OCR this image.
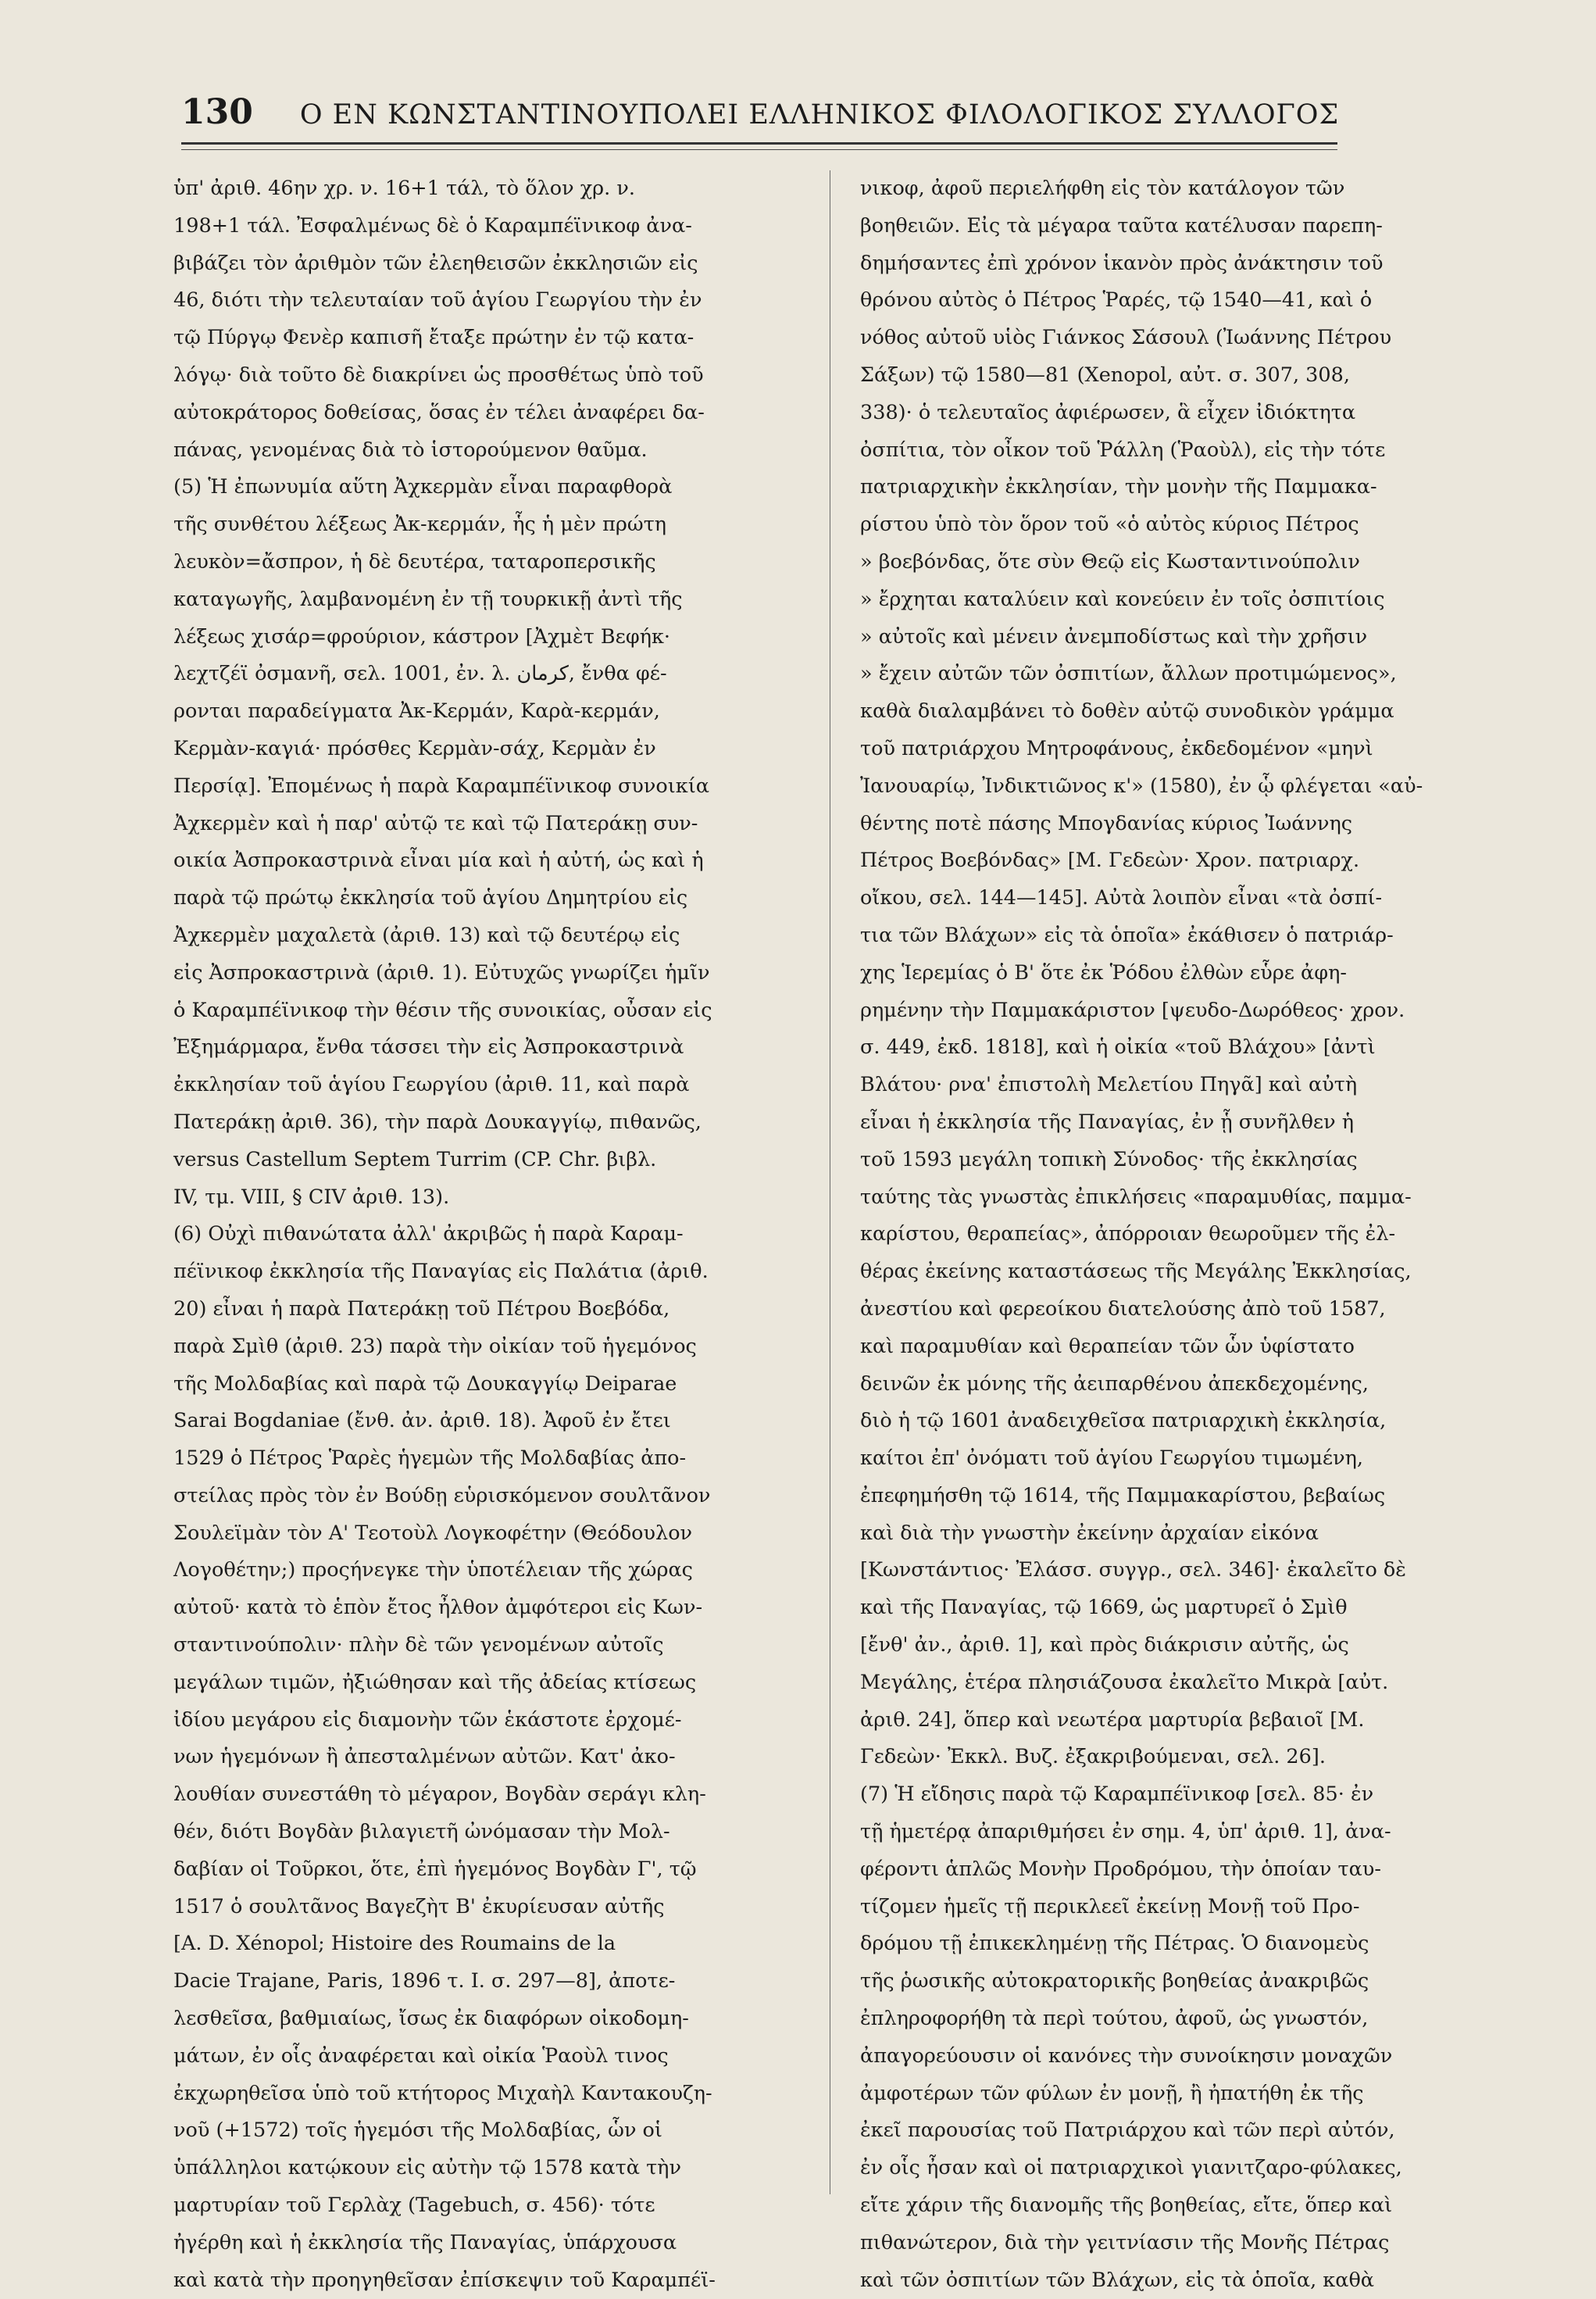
130 Ο ΕΝ ΚΩΝΣΤΑΝΤΙΝΟΥΠΟΛΕΙ ΕΛΛΗΝΙΚΟΣ ΦΙΛΟΛΟΓΙΚΟΣ ΣΥΛΛΟΓΟΣ
ὑπ' ἀριθ. 46ην χρ. ν. 16+1 τάλ, τὸ ὅλον χρ. ν.
198+1 τάλ. Ἐσφαλμένως δὲ ὁ Καραμπέϊνικοφ ἀνα-
βιβάζει τὸν ἀριθμὸν τῶν ἐλεηθεισῶν ἐκκλησιῶν εἰς
46, διότι τὴν τελευταίαν τοῦ ἁγίου Γεωργίου τὴν ἐν
τῷ Πύργῳ Φενὲρ καπισῆ ἔταξε πρώτην ἐν τῷ κατα-
λόγῳ· διὰ τοῦτο δὲ διακρίνει ὡς προσθέτως ὑπὸ τοῦ
αὐτοκράτορος δοθείσας, ὅσας ἐν τέλει ἀναφέρει δα-
πάνας, γενομένας διὰ τὸ ἱστορούμενον θαῦμα.
(5) Ἡ ἐπωνυμία αὕτη Ἀχκερμὰν εἶναι παραφθορὰ
τῆς συνθέτου λέξεως Ἀκ-κερμάν, ἧς ἡ μὲν πρώτη
λευκὸν=ἄσπρον, ἡ δὲ δευτέρα, ταταροπερσικῆς
καταγωγῆς, λαμβανομένη ἐν τῇ τουρκικῇ ἀντὶ τῆς
λέξεως χισάρ=φρούριον, κάστρον [Ἀχμὲτ Βεφήκ·
λεχτζέϊ ὀσμανῆ, σελ. 1001, ἐν. λ. كرمان, ἔνθα φέ-
ρονται παραδείγματα Ἀκ-Κερμάν, Καρὰ-κερμάν,
Κερμὰν-καγιά· πρόσθες Κερμὰν-σάχ, Κερμὰν ἐν
Περσίᾳ]. Ἐπομένως ἡ παρὰ Καραμπέϊνικοφ συνοικία
Ἀχκερμὲν καὶ ἡ παρ' αὐτῷ τε καὶ τῷ Πατεράκῃ συν-
οικία Ἀσπροκαστρινὰ εἶναι μία καὶ ἡ αὐτή, ὡς καὶ ἡ
παρὰ τῷ πρώτῳ ἐκκλησία τοῦ ἁγίου Δημητρίου εἰς
Ἀχκερμὲν μαχαλετὰ (ἀριθ. 13) καὶ τῷ δευτέρῳ εἰς
εἰς Ἀσπροκαστρινὰ (ἀριθ. 1). Εὐτυχῶς γνωρίζει ἡμῖν
ὁ Καραμπέϊνικοφ τὴν θέσιν τῆς συνοικίας, οὖσαν εἰς
Ἐξημάρμαρα, ἔνθα τάσσει τὴν εἰς Ἀσπροκαστρινὰ
ἐκκλησίαν τοῦ ἁγίου Γεωργίου (ἀριθ. 11, καὶ παρὰ
Πατεράκῃ ἀριθ. 36), τὴν παρὰ Δουκαγγίῳ, πιθανῶς,
versus Castellum Septem Turrim (CP. Chr. βιβλ.
IV, τμ. VIII, § CIV ἀριθ. 13).
(6) Οὐχὶ πιθανώτατα ἀλλ' ἀκριβῶς ἡ παρὰ Καραμ-
πέϊνικοφ ἐκκλησία τῆς Παναγίας εἰς Παλάτια (ἀριθ.
20) εἶναι ἡ παρὰ Πατεράκῃ τοῦ Πέτρου Βοεβόδα,
παρὰ Σμὶθ (ἀριθ. 23) παρὰ τὴν οἰκίαν τοῦ ἡγεμόνος
τῆς Μολδαβίας καὶ παρὰ τῷ Δουκαγγίῳ Deiparae
Sarai Bogdaniae (ἔνθ. ἀν. ἀριθ. 18). Ἀφοῦ ἐν ἔτει
1529 ὁ Πέτρος Ῥαρὲς ἡγεμὼν τῆς Μολδαβίας ἀπο-
στείλας πρὸς τὸν ἐν Βούδῃ εὑρισκόμενον σουλτᾶνον
Σουλεϊμὰν τὸν Α' Τεοτοὺλ Λογκοφέτην (Θεόδουλον
Λογοθέτην;) προςήνεγκε τὴν ὑποτέλειαν τῆς χώρας
αὐτοῦ· κατὰ τὸ ἑπὸν ἔτος ἦλθον ἀμφότεροι εἰς Κων-
σταντινούπολιν· πλὴν δὲ τῶν γενομένων αὐτοῖς
μεγάλων τιμῶν, ἠξιώθησαν καὶ τῆς ἀδείας κτίσεως
ἰδίου μεγάρου εἰς διαμονὴν τῶν ἑκάστοτε ἐρχομέ-
νων ἡγεμόνων ἢ ἀπεσταλμένων αὐτῶν. Κατ' ἀκο-
λουθίαν συνεστάθη τὸ μέγαρον, Βογδὰν σεράγι κλη-
θέν, διότι Βογδὰν βιλαγιετῆ ὠνόμασαν τὴν Μολ-
δαβίαν οἱ Τοῦρκοι, ὅτε, ἐπὶ ἡγεμόνος Βογδὰν Γ', τῷ
1517 ὁ σουλτᾶνος Βαγεζὴτ Β' ἐκυρίευσαν αὐτῆς
[A. D. Xénopol; Histoire des Roumains de la
Dacie Trajane, Paris, 1896 τ. I. σ. 297—8], ἀποτε-
λεσθεῖσα, βαθμιαίως, ἴσως ἐκ διαφόρων οἰκοδομη-
μάτων, ἐν οἷς ἀναφέρεται καὶ οἰκία Ῥαοὺλ τινος
ἐκχωρηθεῖσα ὑπὸ τοῦ κτήτορος Μιχαὴλ Καντακουζη-
νοῦ (+1572) τοῖς ἡγεμόσι τῆς Μολδαβίας, ὧν οἱ
ὑπάλληλοι κατῴκουν εἰς αὐτὴν τῷ 1578 κατὰ τὴν
μαρτυρίαν τοῦ Γερλὰχ (Tagebuch, σ. 456)· τότε
ἠγέρθη καὶ ἡ ἐκκλησία τῆς Παναγίας, ὑπάρχουσα
καὶ κατὰ τὴν προηγηθεῖσαν ἐπίσκεψιν τοῦ Καραμπέϊ-
νικοφ, ἀφοῦ περιελήφθη εἰς τὸν κατάλογον τῶν
βοηθειῶν. Εἰς τὰ μέγαρα ταῦτα κατέλυσαν παρεπη-
δημήσαντες ἐπὶ χρόνον ἱκανὸν πρὸς ἀνάκτησιν τοῦ
θρόνου αὐτὸς ὁ Πέτρος Ῥαρές, τῷ 1540—41, καὶ ὁ
νόθος αὐτοῦ υἱὸς Γιάνκος Σάσουλ (Ἰωάννης Πέτρου
Σάξων) τῷ 1580—81 (Xenopol, αὐτ. σ. 307, 308,
338)· ὁ τελευταῖος ἀφιέρωσεν, ἃ εἶχεν ἰδιόκτητα
ὀσπίτια, τὸν οἶκον τοῦ Ῥάλλη (Ῥαοὺλ), εἰς τὴν τότε
πατριαρχικὴν ἐκκλησίαν, τὴν μονὴν τῆς Παμμακα-
ρίστου ὑπὸ τὸν ὅρον τοῦ «ὁ αὐτὸς κύριος Πέτρος
» βοεβόνδας, ὅτε σὺν Θεῷ εἰς Κωσταντινούπολιν
» ἔρχηται καταλύειν καὶ κονεύειν ἐν τοῖς ὀσπιτίοις
» αὐτοῖς καὶ μένειν ἀνεμποδίστως καὶ τὴν χρῆσιν
» ἔχειν αὐτῶν τῶν ὀσπιτίων, ἄλλων προτιμώμενος»,
καθὰ διαλαμβάνει τὸ δοθὲν αὐτῷ συνοδικὸν γράμμα
τοῦ πατριάρχου Μητροφάνους, ἐκδεδομένον «μηνὶ
Ἰανουαρίῳ, Ἰνδικτιῶνος κ'» (1580), ἐν ᾧ φλέγεται «αὐ-
θέντης ποτὲ πάσης Μπογδανίας κύριος Ἰωάννης
Πέτρος Βοεβόνδας» [Μ. Γεδεὼν· Χρον. πατριαρχ.
οἴκου, σελ. 144—145]. Αὐτὰ λοιπὸν εἶναι «τὰ ὀσπί-
τια τῶν Βλάχων» εἰς τὰ ὁποῖα» ἐκάθισεν ὁ πατριάρ-
χης Ἱερεμίας ὁ Β' ὅτε ἐκ Ῥόδου ἐλθὼν εὗρε ἀφη-
ρημένην τὴν Παμμακάριστον [ψευδο-Δωρόθεος· χρον.
σ. 449, ἐκδ. 1818], καὶ ἡ οἰκία «τοῦ Βλάχου» [ἀντὶ
Βλάτου· ρνα' ἐπιστολὴ Μελετίου Πηγᾶ] καὶ αὐτὴ
εἶναι ἡ ἐκκλησία τῆς Παναγίας, ἐν ᾗ συνῆλθεν ἡ
τοῦ 1593 μεγάλη τοπικὴ Σύνοδος· τῆς ἐκκλησίας
ταύτης τὰς γνωστὰς ἐπικλήσεις «παραμυθίας, παμμα-
καρίστου, θεραπείας», ἀπόρροιαν θεωροῦμεν τῆς ἐλ-
θέρας ἐκείνης καταστάσεως τῆς Μεγάλης Ἐκκλησίας,
ἀνεστίου καὶ φερεοίκου διατελούσης ἀπὸ τοῦ 1587,
καὶ παραμυθίαν καὶ θεραπείαν τῶν ὧν ὑφίστατο
δεινῶν ἐκ μόνης τῆς ἀειπαρθένου ἀπεκδεχομένης,
διὸ ἡ τῷ 1601 ἀναδειχθεῖσα πατριαρχικὴ ἐκκλησία,
καίτοι ἐπ' ὀνόματι τοῦ ἁγίου Γεωργίου τιμωμένη,
ἐπεφημήσθη τῷ 1614, τῆς Παμμακαρίστου, βεβαίως
καὶ διὰ τὴν γνωστὴν ἐκείνην ἀρχαίαν εἰκόνα
[Κωνστάντιος· Ἐλάσσ. συγγρ., σελ. 346]· ἐκαλεῖτο δὲ
καὶ τῆς Παναγίας, τῷ 1669, ὡς μαρτυρεῖ ὁ Σμὶθ
[ἔνθ' ἀν., ἀριθ. 1], καὶ πρὸς διάκρισιν αὐτῆς, ὡς
Μεγάλης, ἑτέρα πλησιάζουσα ἐκαλεῖτο Μικρὰ [αὐτ.
ἀριθ. 24], ὅπερ καὶ νεωτέρα μαρτυρία βεβαιοῖ [Μ.
Γεδεὼν· Ἐκκλ. Βυζ. ἐξακριβούμεναι, σελ. 26].
(7) Ἡ εἴδησις παρὰ τῷ Καραμπέϊνικοφ [σελ. 85· ἐν
τῇ ἡμετέρᾳ ἀπαριθμήσει ἐν σημ. 4, ὑπ' ἀριθ. 1], ἀνα-
φέροντι ἁπλῶς Μονὴν Προδρόμου, τὴν ὁποίαν ταυ-
τίζομεν ἡμεῖς τῇ περικλεεῖ ἐκείνῃ Μονῇ τοῦ Προ-
δρόμου τῇ ἐπικεκλημένῃ τῆς Πέτρας. Ὁ διανομεὺς
τῆς ῥωσικῆς αὐτοκρατορικῆς βοηθείας ἀνακριβῶς
ἐπληροφορήθη τὰ περὶ τούτου, ἀφοῦ, ὡς γνωστόν,
ἀπαγορεύουσιν οἱ κανόνες τὴν συνοίκησιν μοναχῶν
ἀμφοτέρων τῶν φύλων ἐν μονῇ, ἢ ἠπατήθη ἐκ τῆς
ἐκεῖ παρουσίας τοῦ Πατριάρχου καὶ τῶν περὶ αὐτόν,
ἐν οἷς ἦσαν καὶ οἱ πατριαρχικοὶ γιανιτζαρο-φύλακες,
εἴτε χάριν τῆς διανομῆς τῆς βοηθείας, εἴτε, ὅπερ καὶ
πιθανώτερον, διὰ τὴν γειτνίασιν τῆς Μονῆς Πέτρας
καὶ τῶν ὀσπιτίων τῶν Βλάχων, εἰς τὰ ὁποῖα, καθὰ
